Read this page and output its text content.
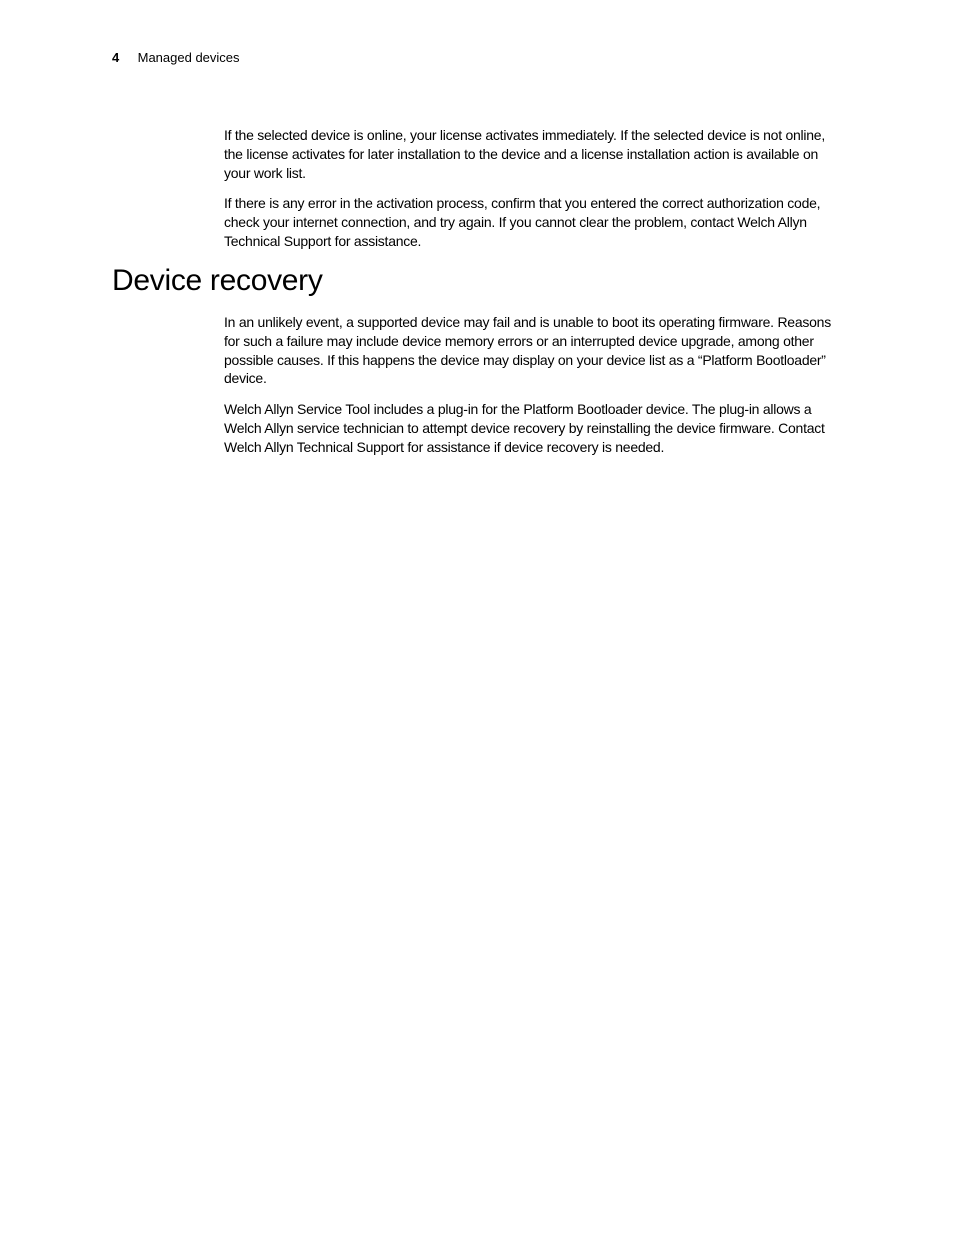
4 Managed devices

If the selected device is online, your license activates immediately. If the selected device is not online, the license activates for later installation to the device and a license installation action is available on your work list.

If there is any error in the activation process, confirm that you entered the correct authorization code, check your internet connection, and try again. If you cannot clear the problem, contact Welch Allyn Technical Support for assistance.

Device recovery

In an unlikely event, a supported device may fail and is unable to boot its operating firmware. Reasons for such a failure may include device memory errors or an interrupted device upgrade, among other possible causes. If this happens the device may display on your device list as a “Platform Bootloader” device.

Welch Allyn Service Tool includes a plug-in for the Platform Bootloader device. The plug-in allows a Welch Allyn service technician to attempt device recovery by reinstalling the device firmware. Contact Welch Allyn Technical Support for assistance if device recovery is needed.
